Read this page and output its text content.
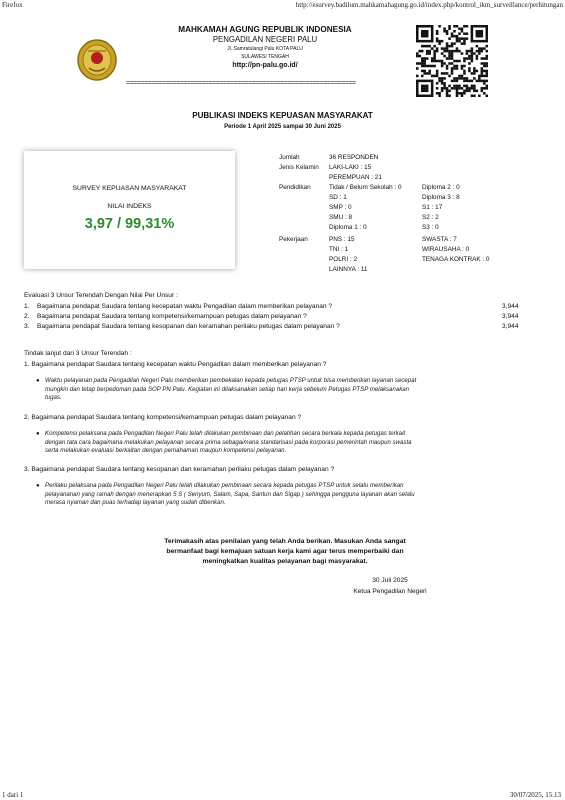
Firefox	http://esurvey.badilum.mahkamahagung.go.id/index.php/kontrol_ikm_surveillance/perhitungan
MAHKAMAH AGUNG REPUBLIK INDONESIA
PENGADILAN NEGERI PALU
Jl. Samratulangi Palu KOTA PALU
SULAWESI TENGAH
http://pn-palu.go.id/
================================================================
PUBLIKASI INDEKS KEPUASAN MASYARAKAT
Periode 1 April 2025 sampai 30 Juni 2025
SURVEY KEPUASAN MASYARAKAT
NILAI INDEKS
3,97 / 99,31%
Jumlah	36 RESPONDEN
Jenis Kelamin LAKI-LAKI : 15
PEREMPUAN : 21
Pendidikan	Tidak / Belum Sekolah : 0	Diploma 2 : 0
SD : 1	Diploma 3 : 8
SMP : 0	S1 : 17
SMU : 8	S2 : 2
Diploma 1 : 0	S3 : 0
Pekerjaan	PNS : 15	SWASTA : 7
TNI : 1	WIRAUSAHA : 0
POLRI : 2	TENAGA KONTRAK : 0
LAINNYA : 11
Evaluasi 3 Unsur Terendah Dengan Nilai Per Unsur :
1. Bagaimana pendapat Saudara tentang kecepatan waktu Pengadilan dalam memberikan pelayanan ?	3,944
2. Bagaimana pendapat Saudara tentang kompetensi/kemampuan petugas dalam pelayanan ?	3,944
3. Bagaimana pendapat Saudara tentang kesopanan dan keramahan perilaku petugas dalam pelayanan ?	3,944
Tindak lanjut dari 3 Unsur Terendah :
1. Bagaimana pendapat Saudara tentang kecepatan waktu Pengadilan dalam memberikan pelayanan ?
● Waktu pelayanan pada Pengadilan Negeri Palu memberikan pembekalan kepada petugas PTSP untuk bisa memberikan layanan secepat
mungkin dan tetap berpedoman pada SOP PN Palu. Kegiatan ini dilaksanakan setiap hari kerja sebelum Petugas PTSP melaksanakan
tugas.
2. Bagaimana pendapat Saudara tentang kompetensi/kemampuan petugas dalam pelayanan ?
● Kompetensi pelaksana pada Pengadilan Negeri Palu telah dilakukan pembinaan dan pelatihan secara berkala kepada petugas terkait
dengan tata cara bagaimana melakukan pelayanan secara prima sebagaimana standarisasi pada korporasi pemerintah maupun swasta
serta melakukan evaluasi berkaitan dengan pemahaman maupun kompetensi pelayanan.
3. Bagaimana pendapat Saudara tentang kesopanan dan keramahan perilaku petugas dalam pelayanan ?
● Perilaku pelaksana pada Pengadilan Negeri Palu telah dilakukan pembinaan secara kepada petugas PTSP untuk selalu memberikan
pelayananan yang ramah dengan menerapkan 5 S ( Senyum, Salam, Sapa, Santun dan Sigap ) sehingga pengguna layanan akan selalu
merasa nyaman dan puas terhadap layanan yang sudah diberikan.
Terimakasih atas penilaian yang telah Anda berikan. Masukan Anda sangat
bermanfaat bagi kemajuan satuan kerja kami agar terus memperbaiki dan
meningkatkan kualitas pelayanan bagi masyarakat.
30 Juli 2025
Ketua Pengadilan Negeri
1 dari 1	30/07/2025, 15.13
